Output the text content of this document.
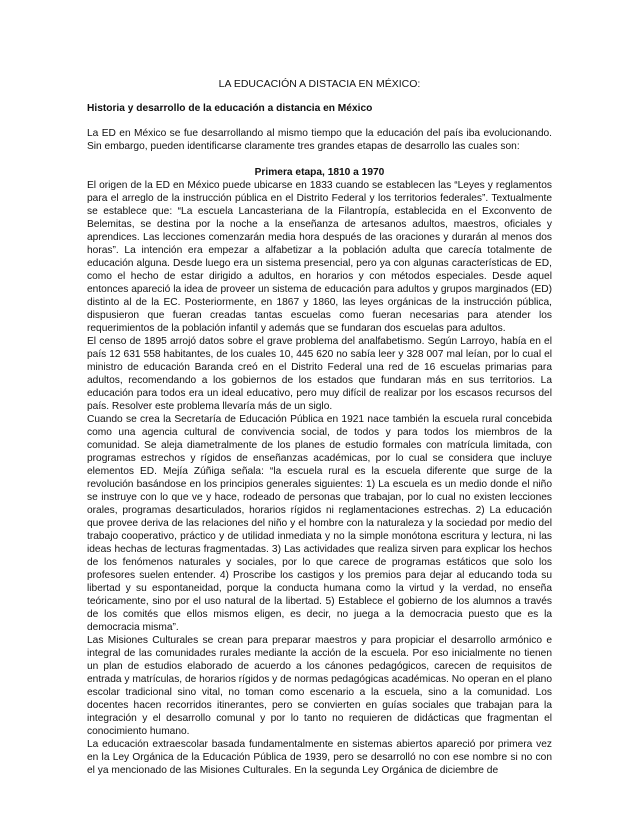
LA EDUCACIÓN A DISTACIA EN MÉXICO:
Historia y desarrollo de la educación a distancia en México

La ED en México se fue desarrollando al mismo tiempo que la educación del país iba evolucionando. Sin embargo, pueden identificarse claramente tres grandes etapas de desarrollo las cuales son:

Primera etapa, 1810 a 1970

El origen de la ED en México puede ubicarse en 1833 cuando se establecen las “Leyes y reglamentos para el arreglo de la instrucción pública en el Distrito Federal y los territorios federales”. Textualmente se establece que: “La escuela Lancasteriana de la Filantropía, establecida en el Exconvento de Belemitas, se destina por la noche a la enseñanza de artesanos adultos, maestros, oficiales y aprendices. Las lecciones comenzarán media hora después de las oraciones y durarán al menos dos horas”. La intención era empezar a alfabetizar a la población adulta que carecía totalmente de educación alguna. Desde luego era un sistema presencial, pero ya con algunas características de ED, como el hecho de estar dirigido a adultos, en horarios y con métodos especiales. Desde aquel entonces apareció la idea de proveer un sistema de educación para adultos y grupos marginados (ED) distinto al de la EC. Posteriormente, en 1867 y 1860, las leyes orgánicas de la instrucción pública, dispusieron que fueran creadas tantas escuelas como fueran necesarias para atender los requerimientos de la población infantil y además que se fundaran dos escuelas para adultos.

El censo de 1895 arrojó datos sobre el grave problema del analfabetismo. Según Larroyo, había en el país 12 631 558 habitantes, de los cuales 10, 445 620 no sabía leer y 328 007 mal leían, por lo cual el ministro de educación Baranda creó en el Distrito Federal una red de 16 escuelas primarias para adultos, recomendando a los gobiernos de los estados que fundaran más en sus territorios. La educación para todos era un ideal educativo, pero muy difícil de realizar por los escasos recursos del país. Resolver este problema llevaría más de un siglo.

Cuando se crea la Secretaría de Educación Pública en 1921 nace también la escuela rural concebida como una agencia cultural de convivencia social, de todos y para todos los miembros de la comunidad. Se aleja diametralmente de los planes de estudio formales con matrícula limitada, con programas estrechos y rígidos de enseñanzas académicas, por lo cual se considera que incluye elementos ED. Mejía Zúñiga señala: “la escuela rural es la escuela diferente que surge de la revolución basándose en los principios generales siguientes: 1) La escuela es un medio donde el niño se instruye con lo que ve y hace, rodeado de personas que trabajan, por lo cual no existen lecciones orales, programas desarticulados, horarios rígidos ni reglamentaciones estrechas. 2) La educación que provee deriva de las relaciones del niño y el hombre con la naturaleza y la sociedad por medio del trabajo cooperativo, práctico y de utilidad inmediata y no la simple monótona escritura y lectura, ni las ideas hechas de lecturas fragmentadas. 3) Las actividades que realiza sirven para explicar los hechos de los fenómenos naturales y sociales, por lo que carece de programas estáticos que solo los profesores suelen entender. 4) Proscribe los castigos y los premios para dejar al educando toda su libertad y su espontaneidad, porque la conducta humana como la virtud y la verdad, no enseña teóricamente, sino por el uso natural de la libertad. 5) Establece el gobierno de los alumnos a través de los comités que ellos mismos eligen, es decir, no juega a la democracia puesto que es la democracia misma”.

Las Misiones Culturales se crean para preparar maestros y para propiciar el desarrollo armónico e integral de las comunidades rurales mediante la acción de la escuela. Por eso inicialmente no tienen un plan de estudios elaborado de acuerdo a los cánones pedagógicos, carecen de requisitos de entrada y matrículas, de horarios rígidos y de normas pedagógicas académicas. No operan en el plano escolar tradicional sino vital, no toman como escenario a la escuela, sino a la comunidad. Los docentes hacen recorridos itinerantes, pero se convierten en guías sociales que trabajan para la integración y el desarrollo comunal y por lo tanto no requieren de didácticas que fragmentan el conocimiento humano.

La educación extraescolar basada fundamentalmente en sistemas abiertos apareció por primera vez en la Ley Orgánica de la Educación Pública de 1939, pero se desarrolló no con ese nombre si no con el ya mencionado de las Misiones Culturales. En la segunda Ley Orgánica de diciembre de
